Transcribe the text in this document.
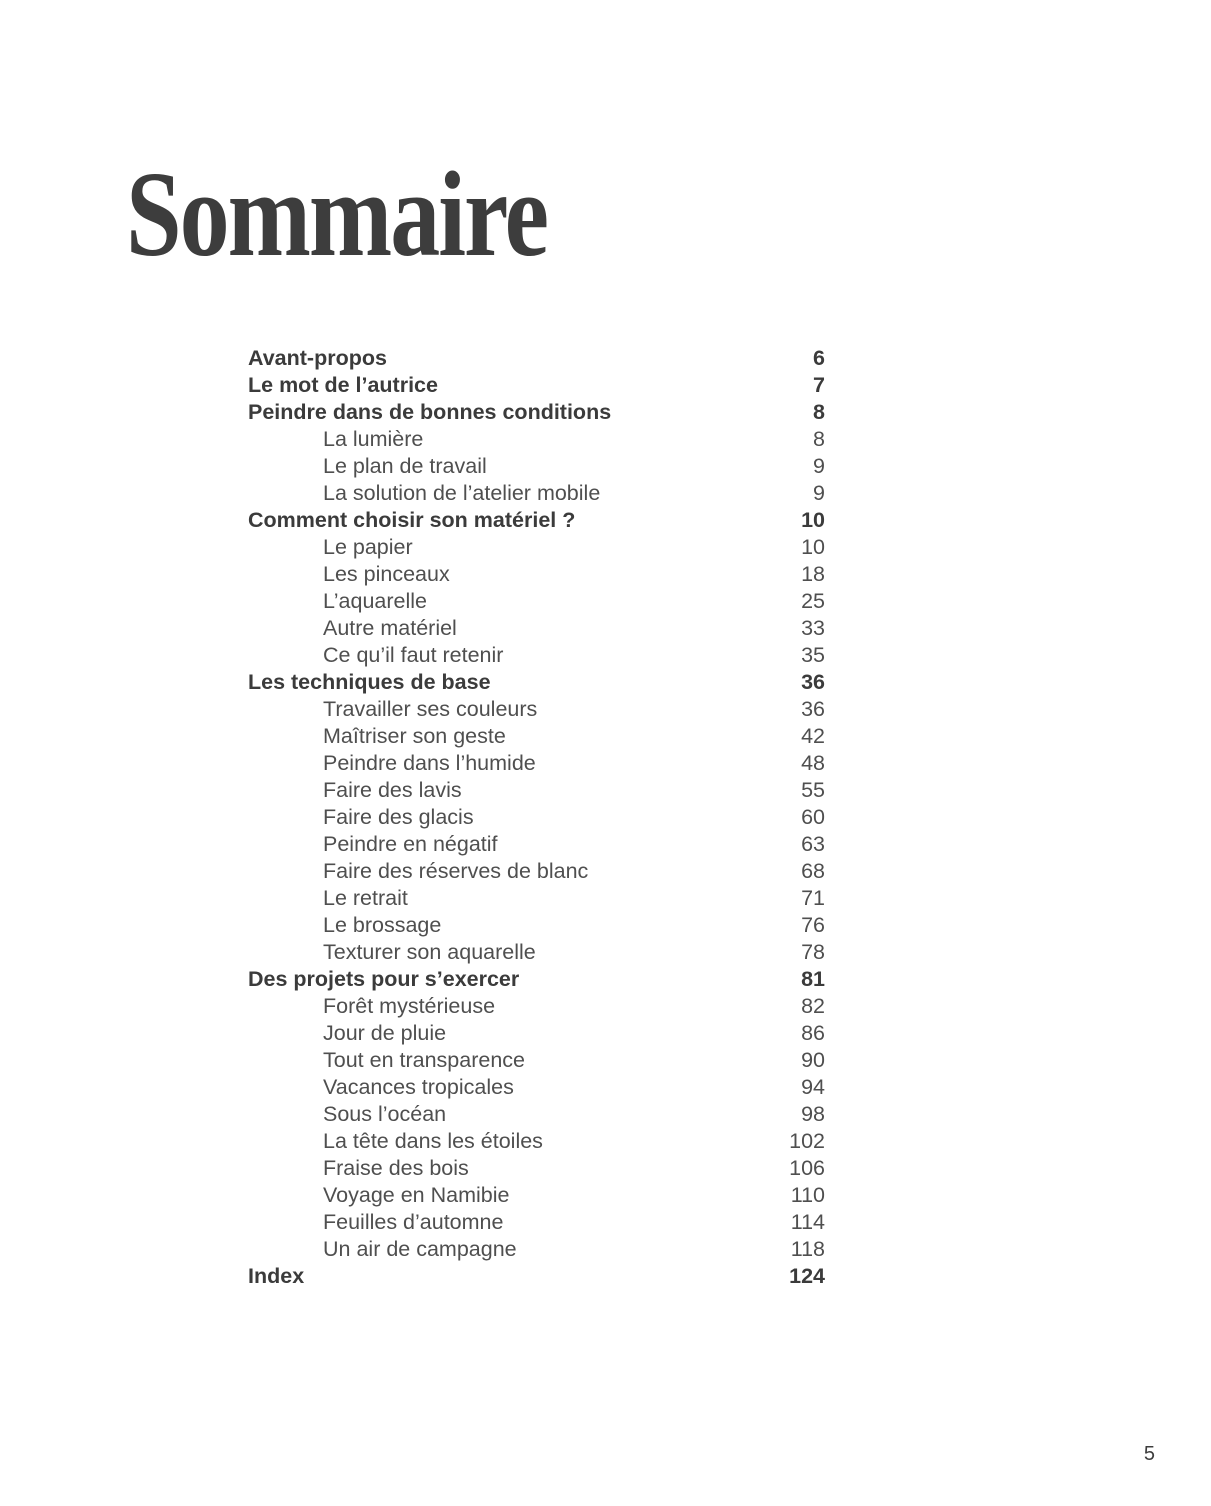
Sommaire
Avant-propos	6
Le mot de l’autrice	7
Peindre dans de bonnes conditions	8
La lumière	8
Le plan de travail	9
La solution de l’atelier mobile	9
Comment choisir son matériel ?	10
Le papier	10
Les pinceaux	18
L’aquarelle	25
Autre matériel	33
Ce qu’il faut retenir	35
Les techniques de base	36
Travailler ses couleurs	36
Maîtriser son geste	42
Peindre dans l’humide	48
Faire des lavis	55
Faire des glacis	60
Peindre en négatif	63
Faire des réserves de blanc	68
Le retrait	71
Le brossage	76
Texturer son aquarelle	78
Des projets pour s’exercer	81
Forêt mystérieuse	82
Jour de pluie	86
Tout en transparence	90
Vacances tropicales	94
Sous l’océan	98
La tête dans les étoiles	102
Fraise des bois	106
Voyage en Namibie	110
Feuilles d’automne	114
Un air de campagne	118
Index	124
5
